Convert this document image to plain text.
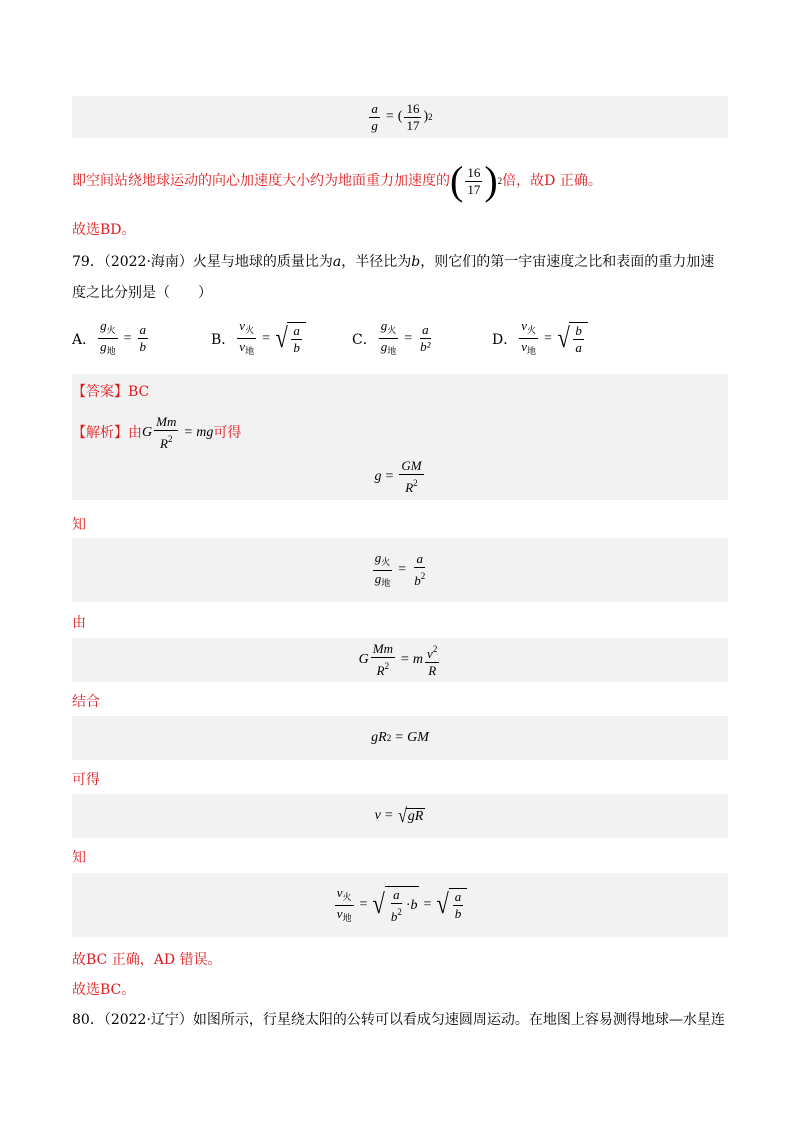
$\frac{a}{g}$ = ( $\frac{16}{17}$ ) 2
即空间站绕地球运动的向心加速度大小约为地面重力加速度的 ( $\frac{16}{17}$ ) 2 倍，故D 正确。
故选BD。
79．（2022·海南）火星与地球的质量比为a，半径比为b，则它们的第一宇宙速度之比和表面的重力加速
度之比分别是（　　）
A． $\frac{g_火}{g_地} = \frac{a}{b}$	B． $\frac{v_火}{v_地}$ = √ $\frac{a}{b}$	C． $\frac{g_火}{g_地} = \frac{a}{\text{b²}}$	D． $\frac{v_火}{v_地}$ = √ $\frac{b}{a}$
【答案】BC
【解析】 由 G $\frac{Mm}{R^2}$ = mg 可得
$g = \frac{GM}{R^2}$
知
$\frac{g_火}{g_地} = \frac{a}{b^2}$
由
G $\frac{Mm}{R^2} = m \frac{v^2}{R}$
结合
gR 2 = GM
可得
v = √ gR
知
$\frac{v_火}{v_地}$ = √ $\frac{a}{b^2} \cdot b$ = √ $\frac{a}{b}$
故BC 正确，AD 错误。
故选BC。
80．（2022·辽宁）如图所示，行星绕太阳的公转可以看成匀速圆周运动。在地图上容易测得地球—水星连
